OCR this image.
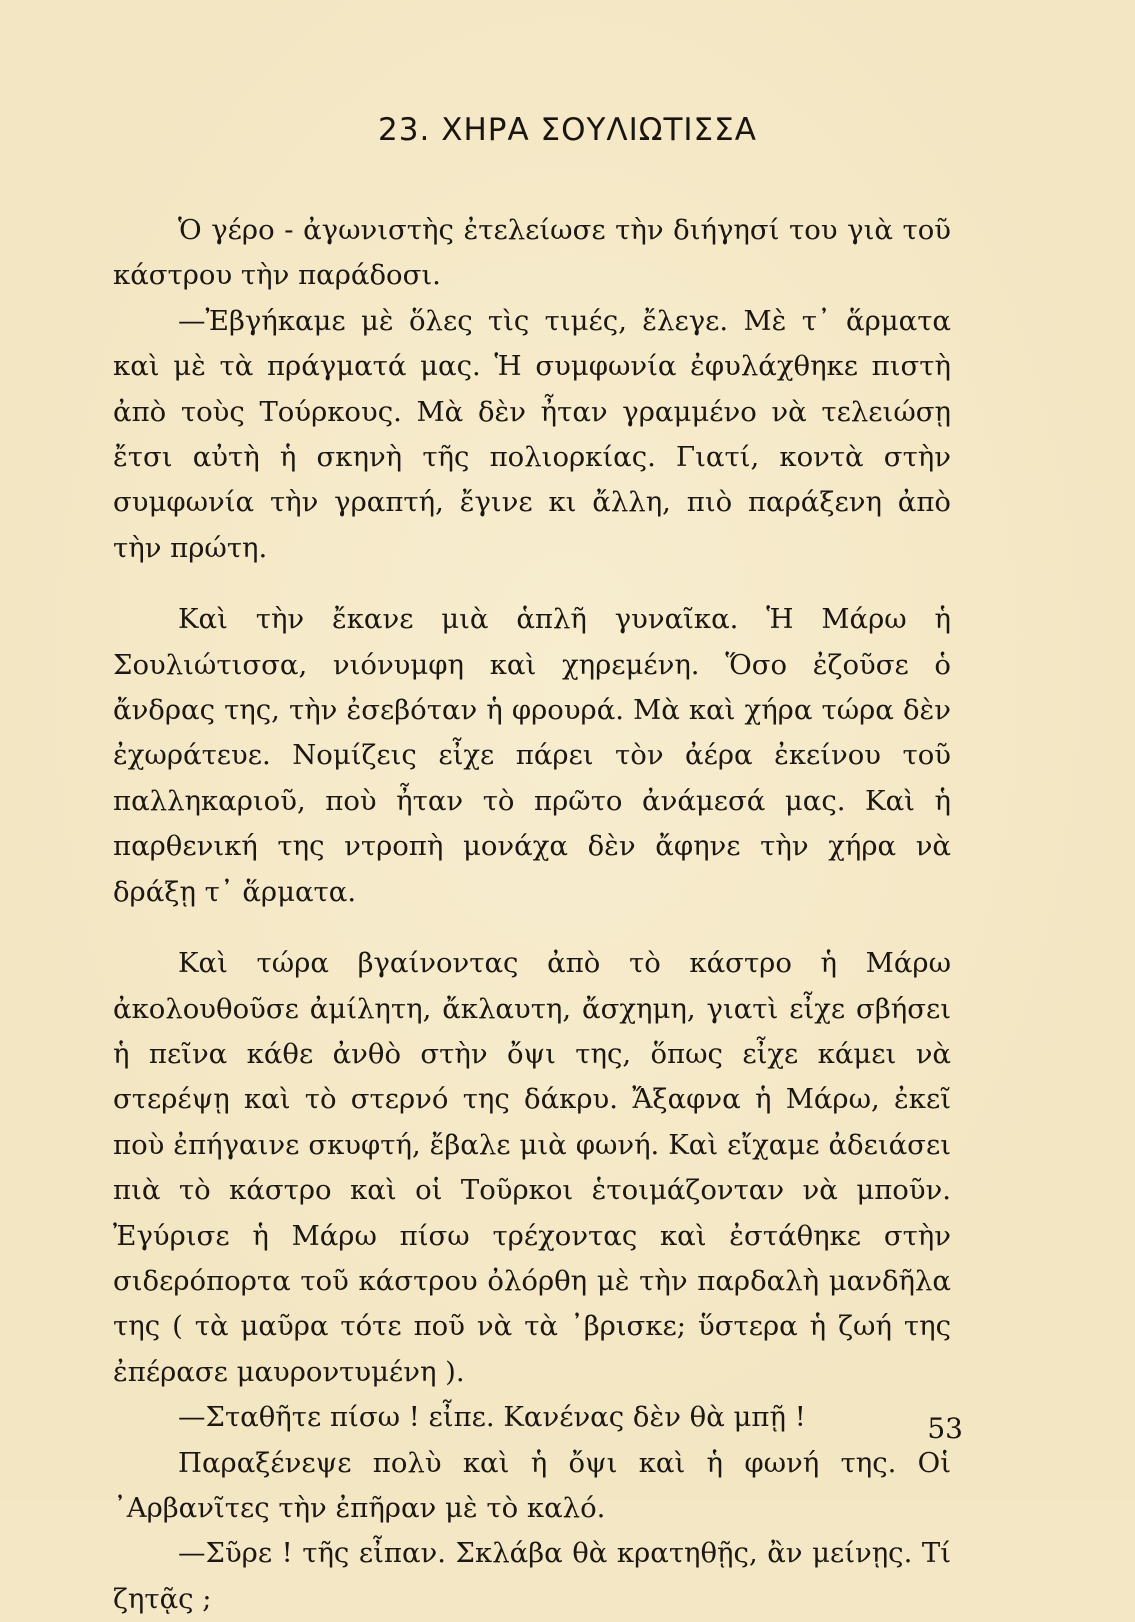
23. ΧΗΡΑ ΣΟΥΛΙΩΤΙΣΣΑ

Ὁ γέρο - ἀγωνιστὴς ἐτελείωσε τὴν διήγησί του γιὰ τοῦ κάστρου τὴν παράδοσι.

—Ἐβγήκαμε μὲ ὅλες τὶς τιμές, ἔλεγε. Μὲ τ᾽ ἅρματα καὶ μὲ τὰ πράγματά μας. Ἡ συμφωνία ἐφυλάχθηκε πιστὴ ἀπὸ τοὺς Τούρκους. Μὰ δὲν ἦταν γραμμένο νὰ τελειώσῃ ἔτσι αὐτὴ ἡ σκηνὴ τῆς πολιορκίας. Γιατί, κοντὰ στὴν συμφωνία τὴν γραπτή, ἔγινε κι ἄλλη, πιὸ παράξενη ἀπὸ τὴν πρώτη.

Καὶ τὴν ἔκανε μιὰ ἁπλῆ γυναῖκα. Ἡ Μάρω ἡ Σουλιώτισσα, νιόνυμφη καὶ χηρεμένη. Ὅσο ἐζοῦσε ὁ ἄνδρας της, τὴν ἐσεβόταν ἡ φρουρά. Μὰ καὶ χήρα τώρα δὲν ἐχωράτευε. Νομίζεις εἶχε πάρει τὸν ἀέρα ἐκείνου τοῦ παλληκαριοῦ, ποὺ ἦταν τὸ πρῶτο ἀνάμεσά μας. Καὶ ἡ παρθενική της ντροπὴ μονάχα δὲν ἄφηνε τὴν χήρα νὰ δράξῃ τ᾽ ἅρματα.

Καὶ τώρα βγαίνοντας ἀπὸ τὸ κάστρο ἡ Μάρω ἀκολουθοῦσε ἀμίλητη, ἄκλαυτη, ἄσχημη, γιατὶ εἶχε σβήσει ἡ πεῖνα κάθε ἀνθὸ στὴν ὄψι της, ὅπως εἶχε κάμει νὰ στερέψῃ καὶ τὸ στερνό της δάκρυ. Ἄξαφνα ἡ Μάρω, ἐκεῖ ποὺ ἐπήγαινε σκυφτή, ἔβαλε μιὰ φωνή. Καὶ εἴχαμε ἀδειάσει πιὰ τὸ κάστρο καὶ οἱ Τοῦρκοι ἑτοιμάζονταν νὰ μποῦν. Ἐγύρισε ἡ Μάρω πίσω τρέχοντας καὶ ἐστάθηκε στὴν σιδερόπορτα τοῦ κάστρου ὀλόρθη μὲ τὴν παρδαλὴ μανδῆλα της ( τὰ μαῦρα τότε ποῦ νὰ τὰ ᾽βρισκε; ὕστερα ἡ ζωή της ἐπέρασε μαυροντυμένη ).

—Σταθῆτε πίσω ! εἶπε. Κανένας δὲν θὰ μπῇ !

Παραξένεψε πολὺ καὶ ἡ ὄψι καὶ ἡ φωνή της. Οἱ ᾽Αρβανῖτες τὴν ἐπῆραν μὲ τὸ καλό.

—Σῦρε ! τῆς εἶπαν. Σκλάβα θὰ κρατηθῇς, ἂν μείνῃς. Τί ζητᾷς ;

53
